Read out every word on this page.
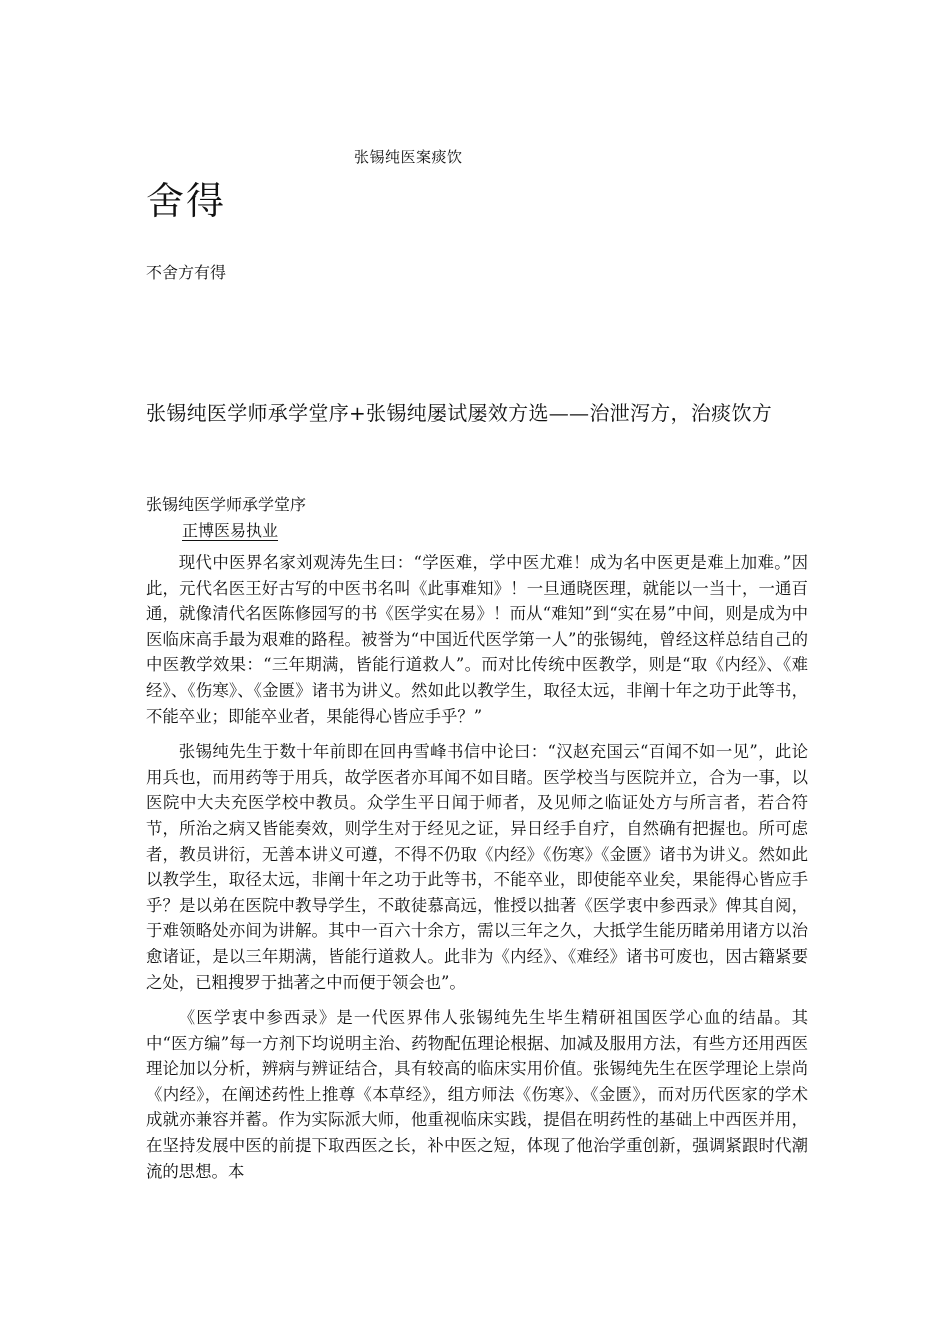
张锡纯医案痰饮
舍得
不舍方有得
张锡纯医学师承学堂序+张锡纯屡试屡效方选——治泄泻方，治痰饮方
张锡纯医学师承学堂序
正博医易执业

现代中医界名家刘观涛先生曰：“学医难，学中医尤难！成为名中医更是难上加难。”因此，元代名医王好古写的中医书名叫《此事难知》！一旦通晓医理，就能以一当十，一通百通，就像清代名医陈修园写的书《医学实在易》！而从“难知”到“实在易”中间，则是成为中医临床高手最为艰难的路程。被誉为“中国近代医学第一人”的张锡纯，曾经这样总结自己的中医教学效果：“三年期满，皆能行道救人”。而对比传统中医教学，则是“取《内经》、《难经》、《伤寒》、《金匮》诸书为讲义。然如此以教学生，取径太远，非阐十年之功于此等书，不能卒业；即能卒业者，果能得心皆应手乎？”

张锡纯先生于数十年前即在回冉雪峰书信中论曰：“汉赵充国云“百闻不如一见”，此论用兵也，而用药等于用兵，故学医者亦耳闻不如目睹。医学校当与医院并立，合为一事，以医院中大夫充医学校中教员。众学生平日闻于师者，及见师之临证处方与所言者，若合符节，所治之病又皆能奏效，则学生对于经见之证，异日经手自疗，自然确有把握也。所可虑者，教员讲衍，无善本讲义可遵，不得不仍取《内经》《伤寒》《金匮》诸书为讲义。然如此以教学生，取径太远，非阐十年之功于此等书，不能卒业，即使能卒业矣，果能得心皆应手乎？是以弟在医院中教导学生，不敢徒慕高远，惟授以拙著《医学衷中参西录》俾其自阅，于难领略处亦间为讲解。其中一百六十余方，需以三年之久，大抵学生能历睹弟用诸方以治愈诸证，是以三年期满，皆能行道救人。此非为《内经》、《难经》诸书可废也，因古籍紧要之处，已粗搜罗于拙著之中而便于领会也”。

《医学衷中参西录》是一代医界伟人张锡纯先生毕生精研祖国医学心血的结晶。其中“医方编”每一方剂下均说明主治、药物配伍理论根据、加减及服用方法，有些方还用西医理论加以分析，辨病与辨证结合，具有较高的临床实用价值。张锡纯先生在医学理论上崇尚《内经》，在阐述药性上推尊《本草经》，组方师法《伤寒》、《金匮》，而对历代医家的学术成就亦兼容并蓄。作为实际派大师，他重视临床实践，提倡在明药性的基础上中西医并用，在坚持发展中医的前提下取西医之长，补中医之短，体现了他治学重创新，强调紧跟时代潮流的思想。本
